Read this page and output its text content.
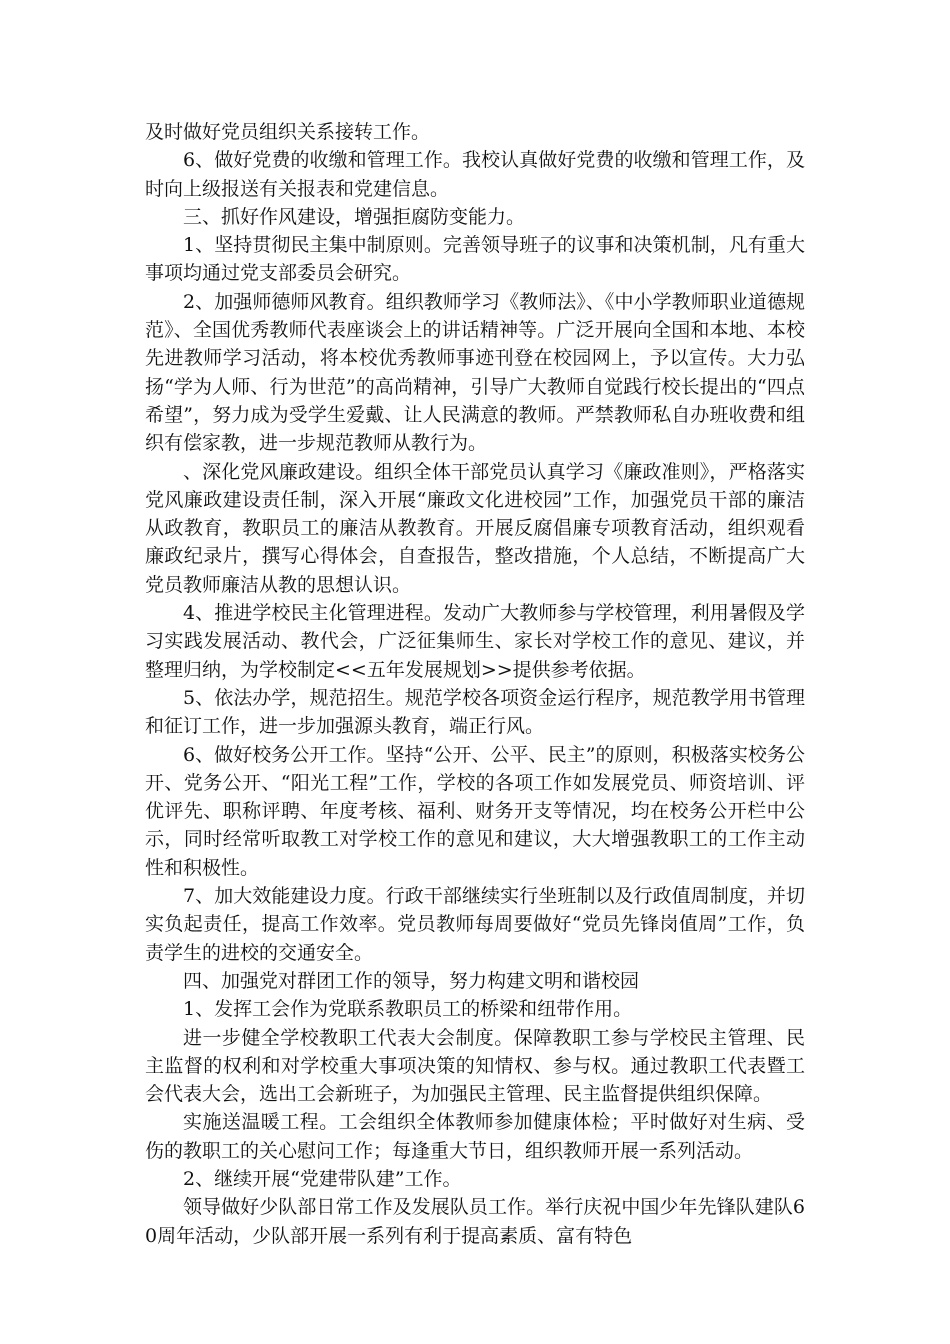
及时做好党员组织关系接转工作。

6、做好党费的收缴和管理工作。我校认真做好党费的收缴和管理工作，及时向上级报送有关报表和党建信息。

三、抓好作风建设，增强拒腐防变能力。

1、坚持贯彻民主集中制原则。完善领导班子的议事和决策机制，凡有重大事项均通过党支部委员会研究。

2、加强师德师风教育。组织教师学习《教师法》、《中小学教师职业道德规范》、全国优秀教师代表座谈会上的讲话精神等。广泛开展向全国和本地、本校先进教师学习活动，将本校优秀教师事迹刊登在校园网上，予以宣传。大力弘扬“学为人师、行为世范”的高尚精神，引导广大教师自觉践行校长提出的“四点希望”，努力成为受学生爱戴、让人民满意的教师。严禁教师私自办班收费和组织有偿家教，进一步规范教师从教行为。

、深化党风廉政建设。组织全体干部党员认真学习《廉政准则》，严格落实党风廉政建设责任制，深入开展“廉政文化进校园”工作，加强党员干部的廉洁从政教育，教职员工的廉洁从教教育。开展反腐倡廉专项教育活动，组织观看廉政纪录片，撰写心得体会，自查报告，整改措施，个人总结，不断提高广大党员教师廉洁从教的思想认识。

4、推进学校民主化管理进程。发动广大教师参与学校管理，利用暑假及学习实践发展活动、教代会，广泛征集师生、家长对学校工作的意见、建议，并整理归纳，为学校制定<<五年发展规划>>提供参考依据。

5、依法办学，规范招生。规范学校各项资金运行程序，规范教学用书管理和征订工作，进一步加强源头教育，端正行风。

6、做好校务公开工作。坚持“公开、公平、民主”的原则，积极落实校务公开、党务公开、“阳光工程”工作，学校的各项工作如发展党员、师资培训、评优评先、职称评聘、年度考核、福利、财务开支等情况，均在校务公开栏中公示，同时经常听取教工对学校工作的意见和建议，大大增强教职工的工作主动性和积极性。

7、加大效能建设力度。行政干部继续实行坐班制以及行政值周制度，并切实负起责任，提高工作效率。党员教师每周要做好“党员先锋岗值周”工作，负责学生的进校的交通安全。

四、加强党对群团工作的领导，努力构建文明和谐校园

1、发挥工会作为党联系教职员工的桥梁和纽带作用。

进一步健全学校教职工代表大会制度。保障教职工参与学校民主管理、民主监督的权利和对学校重大事项决策的知情权、参与权。通过教职工代表暨工会代表大会，选出工会新班子，为加强民主管理、民主监督提供组织保障。

实施送温暖工程。工会组织全体教师参加健康体检；平时做好对生病、受伤的教职工的关心慰问工作；每逢重大节日，组织教师开展一系列活动。

2、继续开展“党建带队建”工作。

领导做好少队部日常工作及发展队员工作。举行庆祝中国少年先锋队建队60周年活动，少队部开展一系列有利于提高素质、富有特色
